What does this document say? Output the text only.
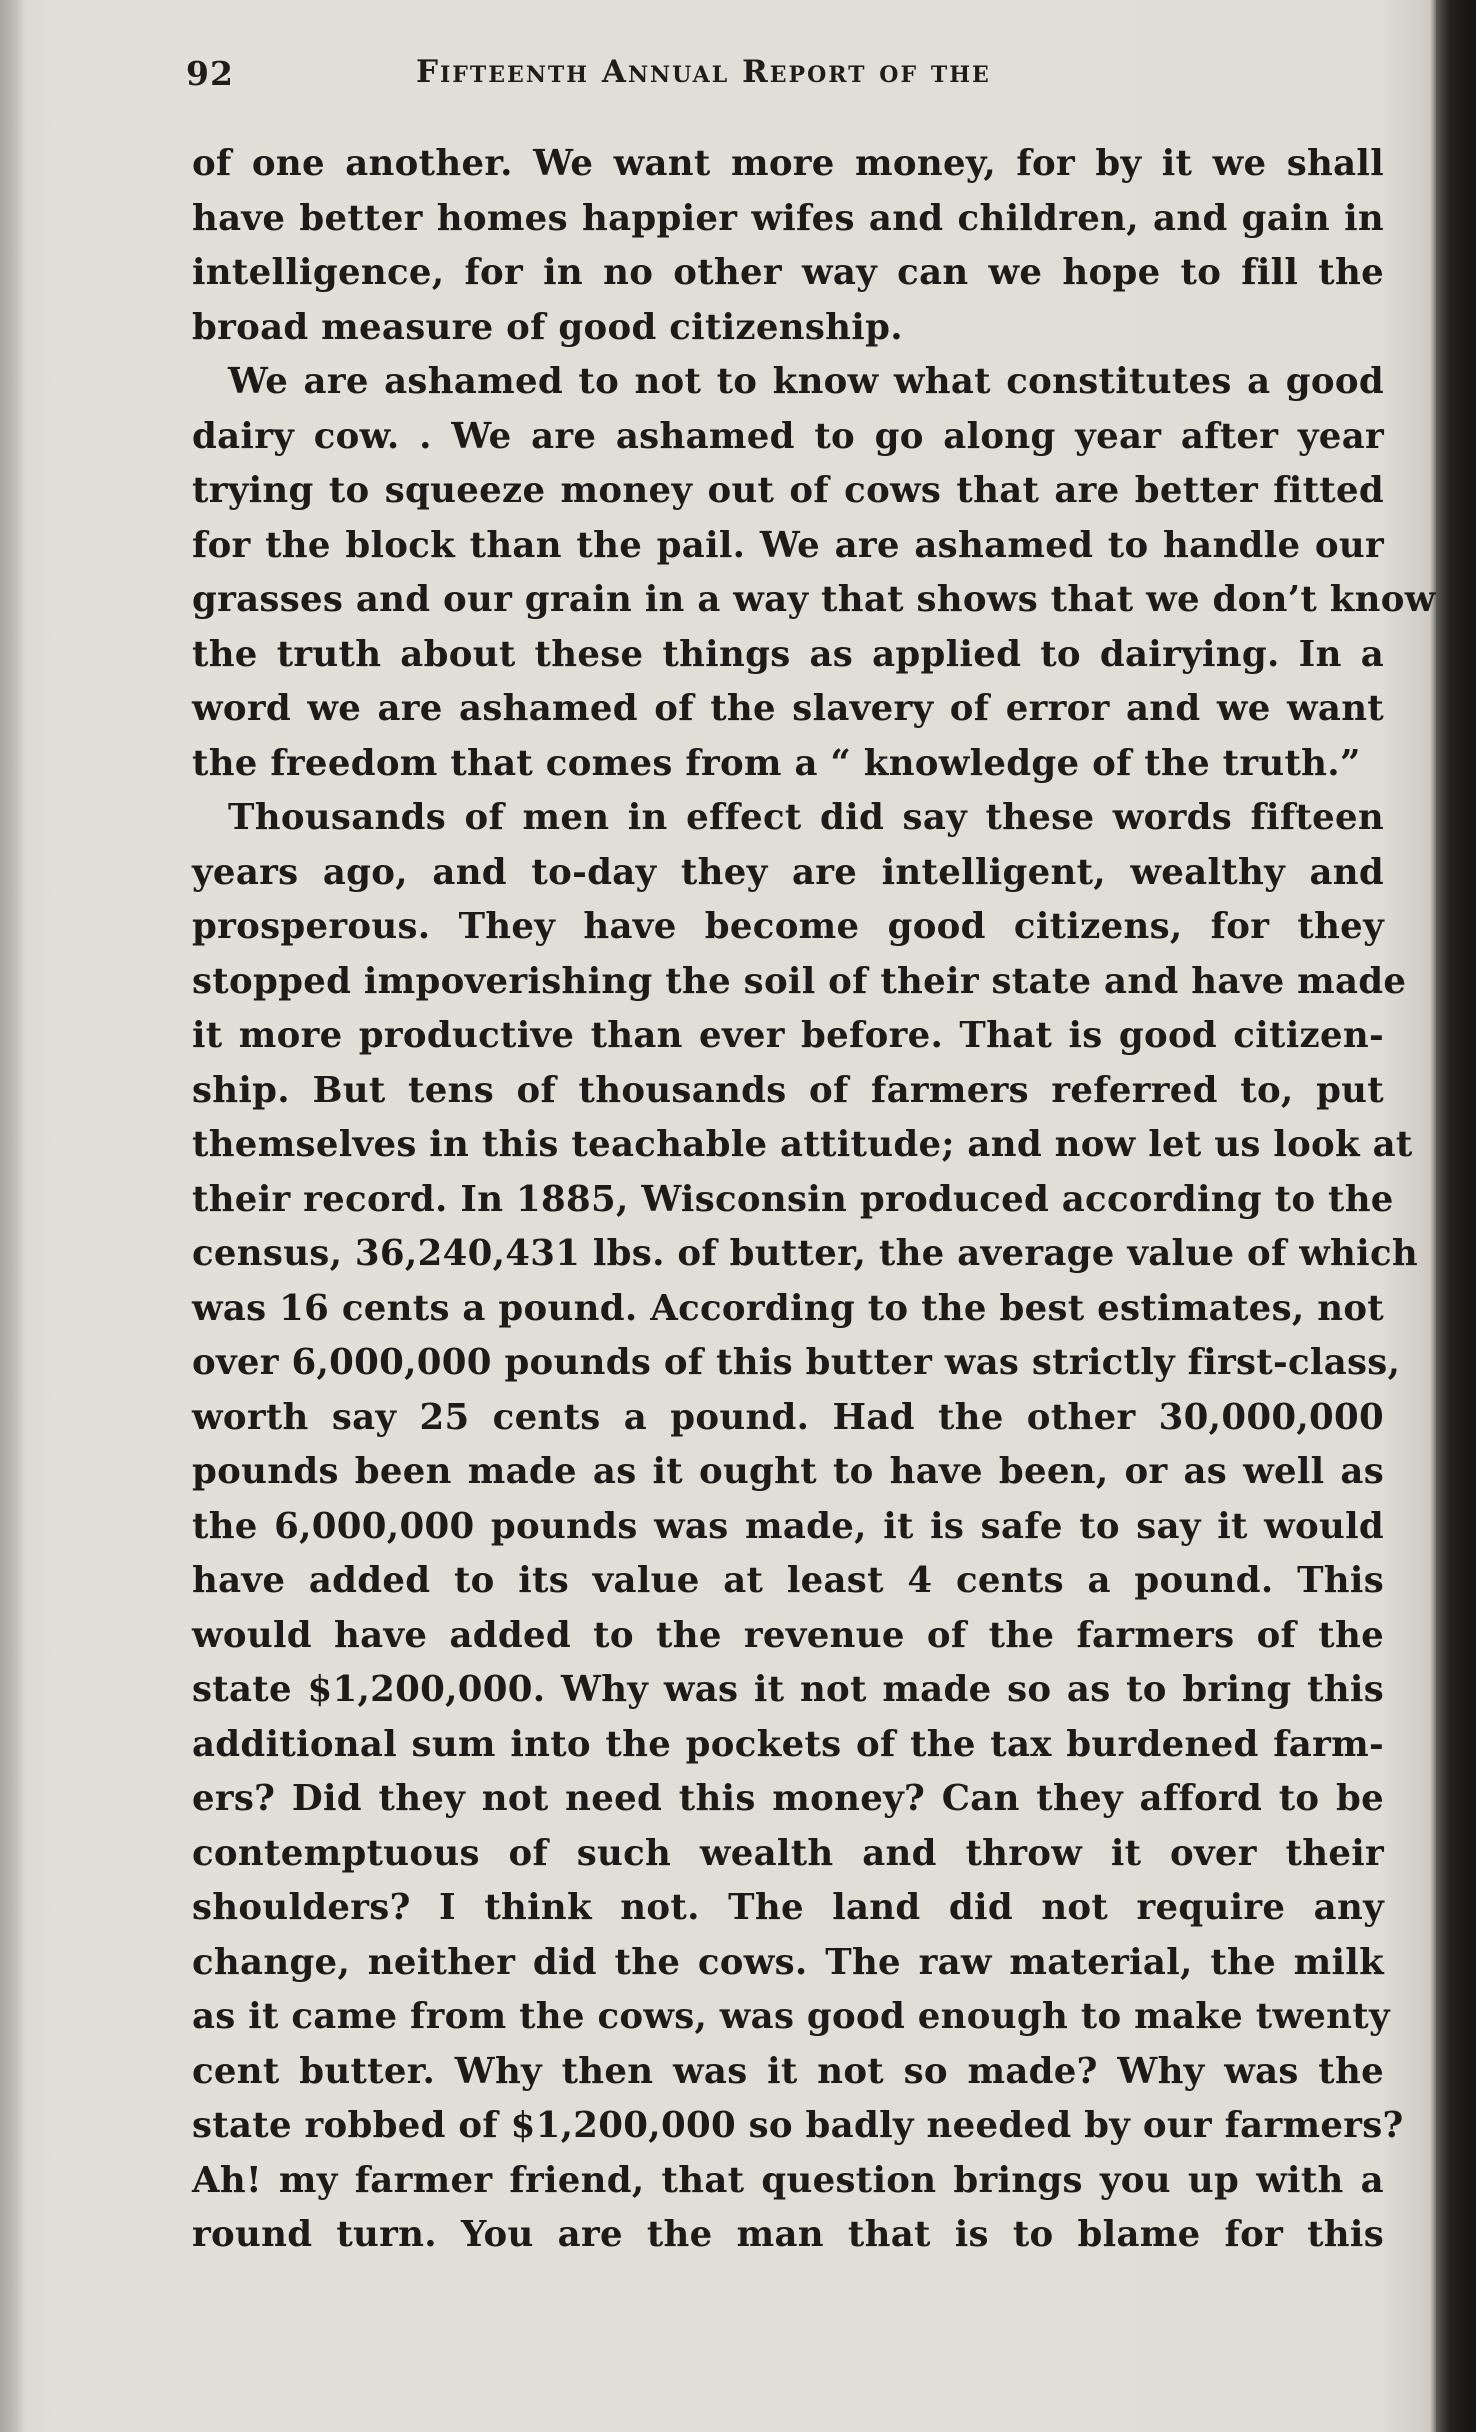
92	Fifteenth Annual Report of the
of one another. We want more money, for by it we shall
have better homes happier wifes and children, and gain in
intelligence, for in no other way can we hope to fill the
broad measure of good citizenship.
We are ashamed to not to know what constitutes a good
dairy cow. . We are ashamed to go along year after year
trying to squeeze money out of cows that are better fitted
for the block than the pail. We are ashamed to handle our
grasses and our grain in a way that shows that we don’t know
the truth about these things as applied to dairying. In a
word we are ashamed of the slavery of error and we want
the freedom that comes from a “ knowledge of the truth.”
Thousands of men in effect did say these words fifteen
years ago, and to-day they are intelligent, wealthy and
prosperous. They have become good citizens, for they
stopped impoverishing the soil of their state and have made
it more productive than ever before. That is good citizen-
ship. But tens of thousands of farmers referred to, put
themselves in this teachable attitude; and now let us look at
their record. In 1885, Wisconsin produced according to the
census, 36,240,431 lbs. of butter, the average value of which
was 16 cents a pound. According to the best estimates, not
over 6,000,000 pounds of this butter was strictly first-class,
worth say 25 cents a pound. Had the other 30,000,000
pounds been made as it ought to have been, or as well as
the 6,000,000 pounds was made, it is safe to say it would
have added to its value at least 4 cents a pound. This
would have added to the revenue of the farmers of the
state $1,200,000. Why was it not made so as to bring this
additional sum into the pockets of the tax burdened farm-
ers? Did they not need this money? Can they afford to be
contemptuous of such wealth and throw it over their
shoulders? I think not. The land did not require any
change, neither did the cows. The raw material, the milk
as it came from the cows, was good enough to make twenty
cent butter. Why then was it not so made? Why was the
state robbed of $1,200,000 so badly needed by our farmers?
Ah! my farmer friend, that question brings you up with a
round turn. You are the man that is to blame for this
